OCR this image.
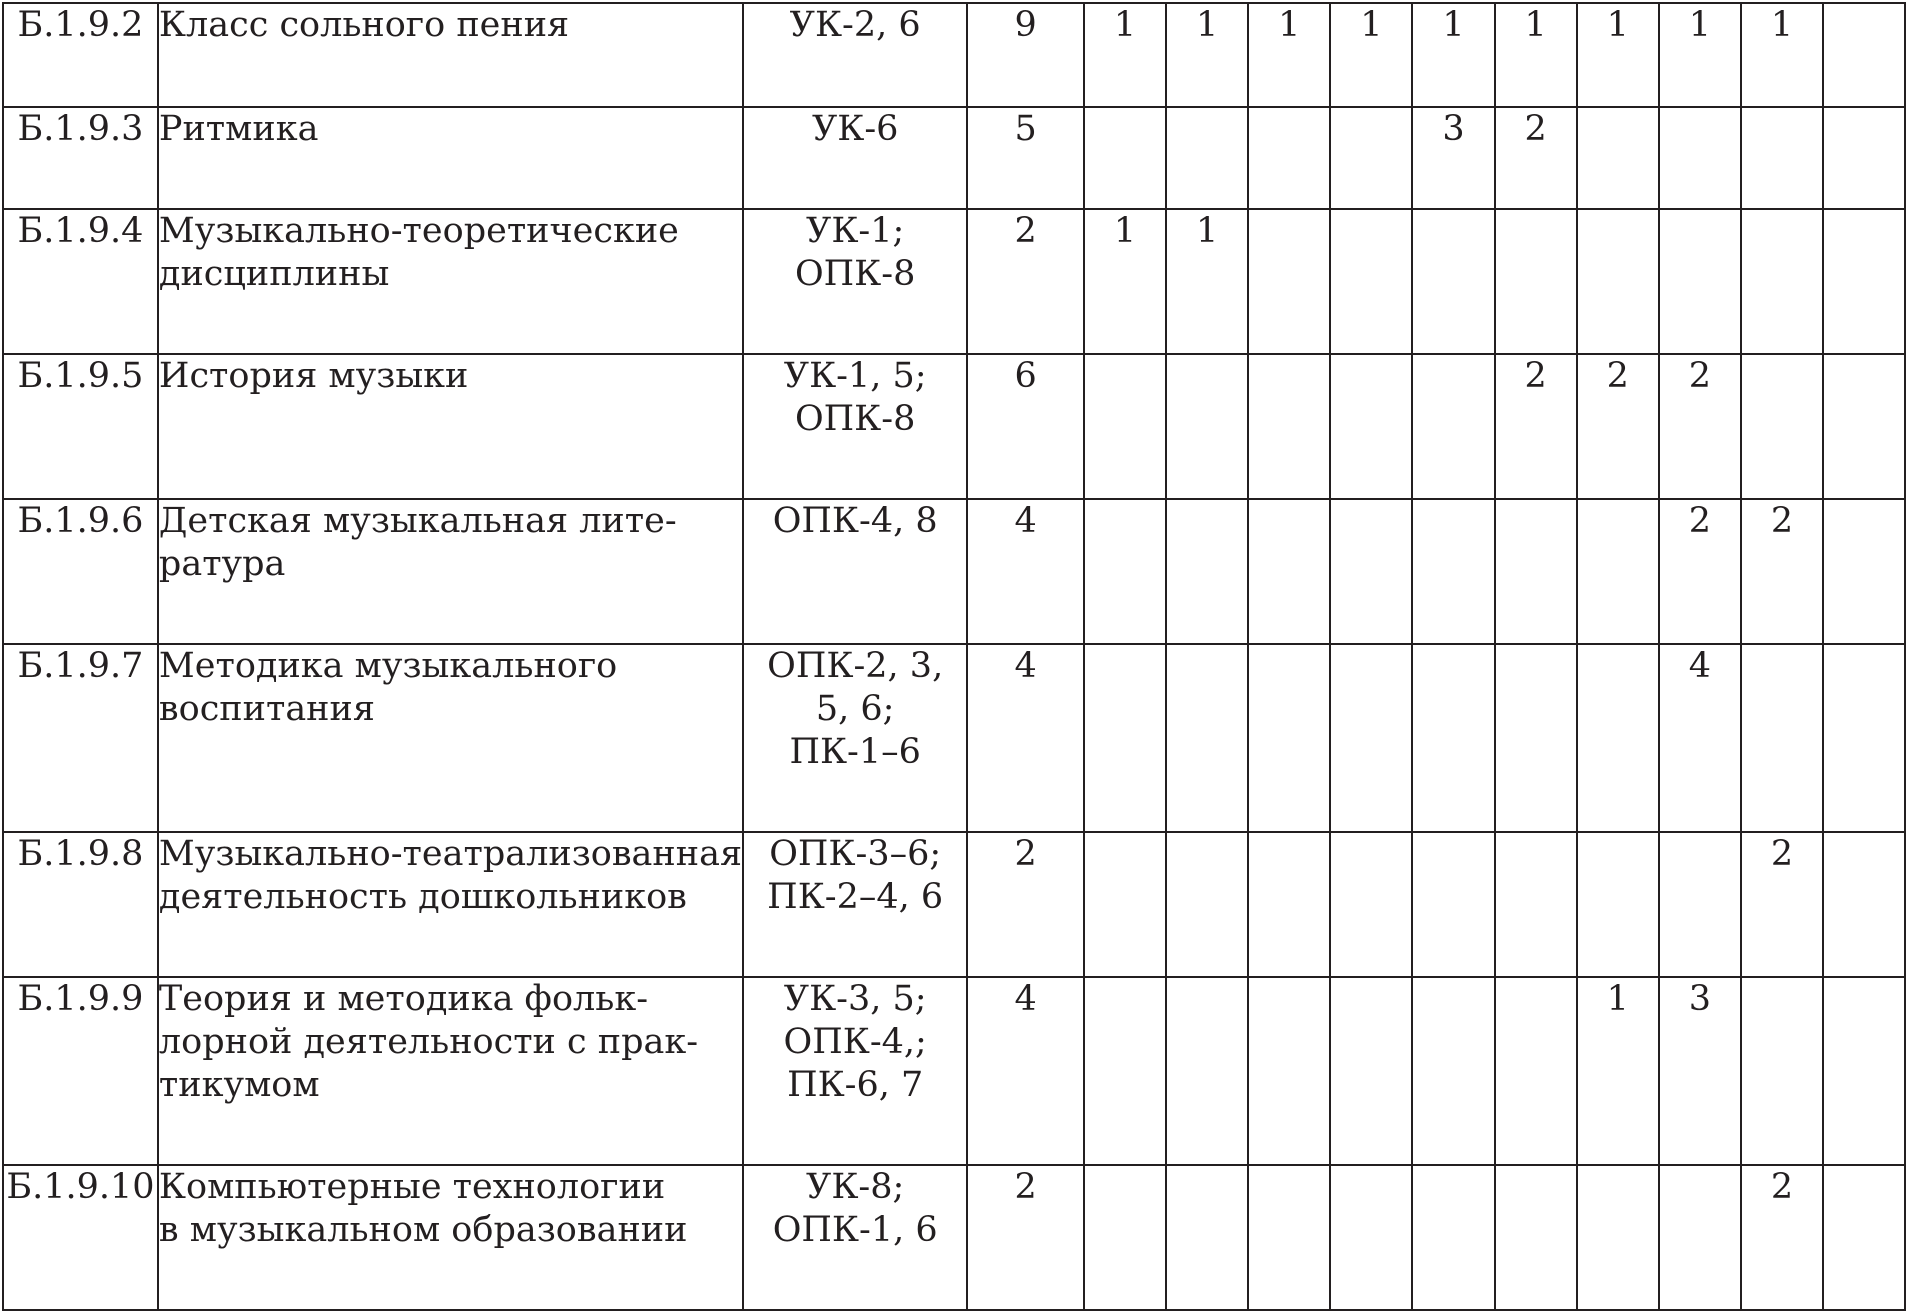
Б.1.9.2	Класс сольного пения	УК-2, 6	9	1	1	1	1	1	1	1	1	1	
Б.1.9.3	Ритмика	УК-6	5					3	2				
Б.1.9.4	Музыкально-теоретические
дисциплины	УК-1;
ОПК-8	2	1	1								
Б.1.9.5	История музыки	УК-1, 5;
ОПК-8	6						2	2	2		
Б.1.9.6	Детская музыкальная лите-
ратура	ОПК-4, 8	4								2	2	
Б.1.9.7	Методика музыкального
воспитания	ОПК-2, 3,
5, 6;
ПК-1–6	4								4		
Б.1.9.8	Музыкально-театрализованная
деятельность дошкольников	ОПК-3–6;
ПК-2–4, 6	2									2	
Б.1.9.9	Теория и методика фольк-
лорной деятельности с прак-
тикумом	УК-3, 5;
ОПК-4,;
ПК-6, 7	4							1	3		
Б.1.9.10	Компьютерные технологии
в музыкальном образовании	УК-8;
ОПК-1, 6	2									2	
